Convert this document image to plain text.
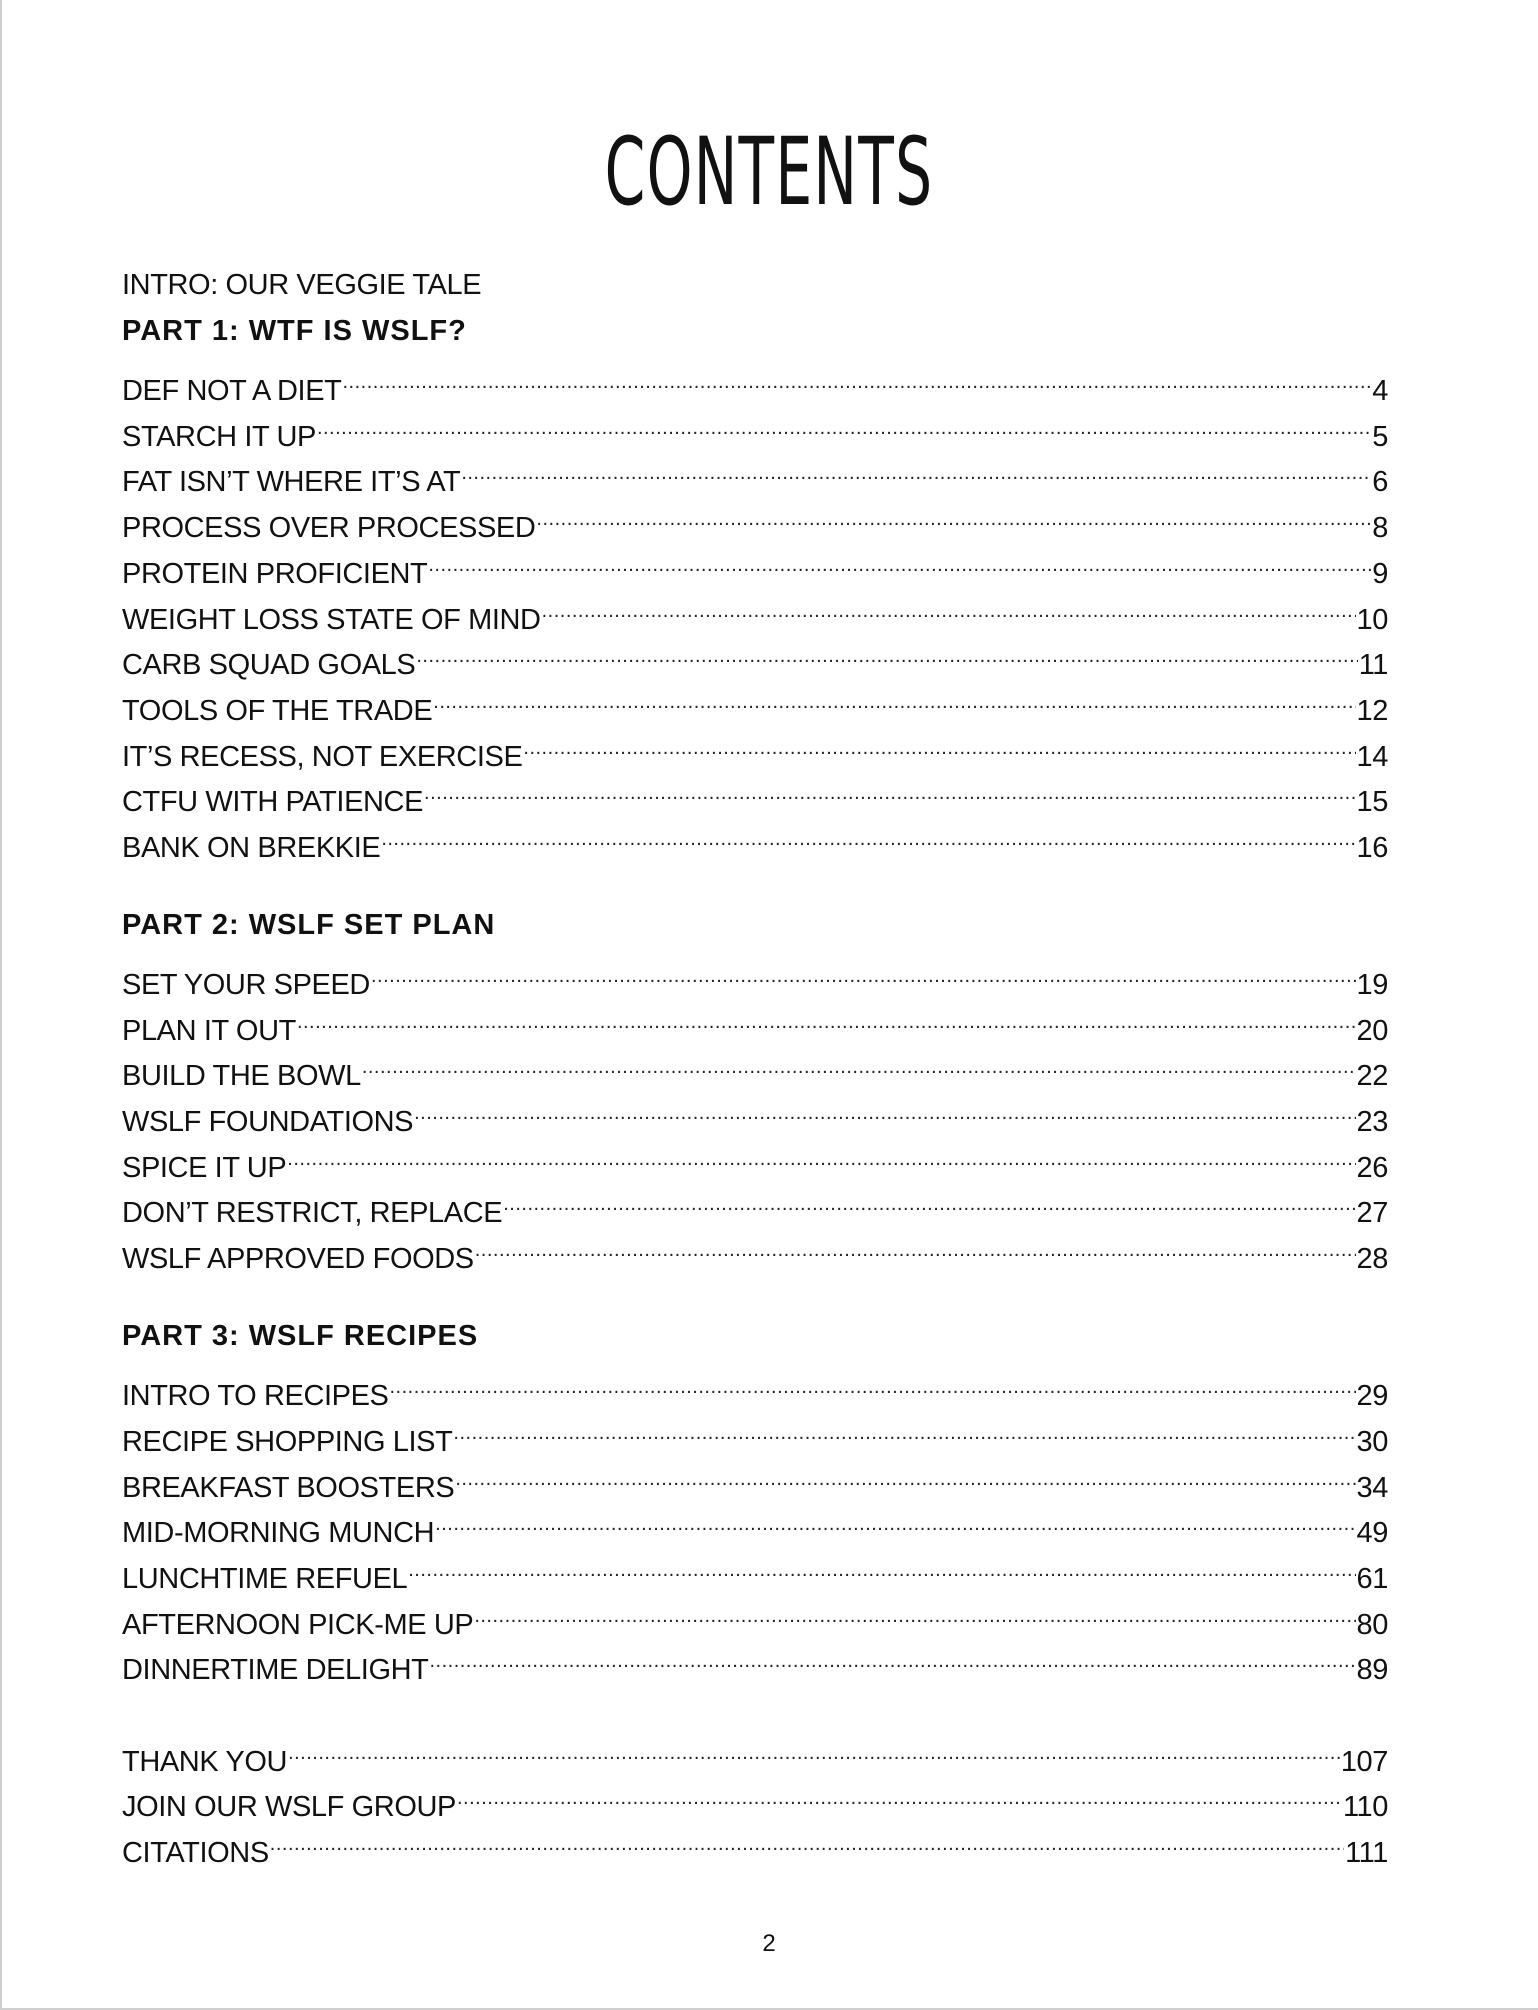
CONTENTS
INTRO: OUR VEGGIE TALE
PART 1: WTF IS WSLF?
DEF NOT A DIET .....	4
STARCH IT UP .....	5
FAT ISN’T WHERE IT’S AT .....	6
PROCESS OVER PROCESSED .....	8
PROTEIN PROFICIENT .....	9
WEIGHT LOSS STATE OF MIND .....	10
CARB SQUAD GOALS .....	11
TOOLS OF THE TRADE .....	12
IT’S RECESS, NOT EXERCISE .....	14
CTFU WITH PATIENCE .....	15
BANK ON BREKKIE .....	16
PART 2: WSLF SET PLAN
SET YOUR SPEED .....	19
PLAN IT OUT .....	20
BUILD THE BOWL .....	22
WSLF FOUNDATIONS .....	23
SPICE IT UP .....	26
DON’T RESTRICT, REPLACE .....	27
WSLF APPROVED FOODS .....	28
PART 3: WSLF RECIPES
INTRO TO RECIPES .....	29
RECIPE SHOPPING LIST .....	30
BREAKFAST BOOSTERS .....	34
MID-MORNING MUNCH .....	49
LUNCHTIME REFUEL .....	61
AFTERNOON PICK-ME UP .....	80
DINNERTIME DELIGHT .....	89
THANK YOU .....	107
JOIN OUR WSLF GROUP .....	110
CITATIONS .....	111
2
